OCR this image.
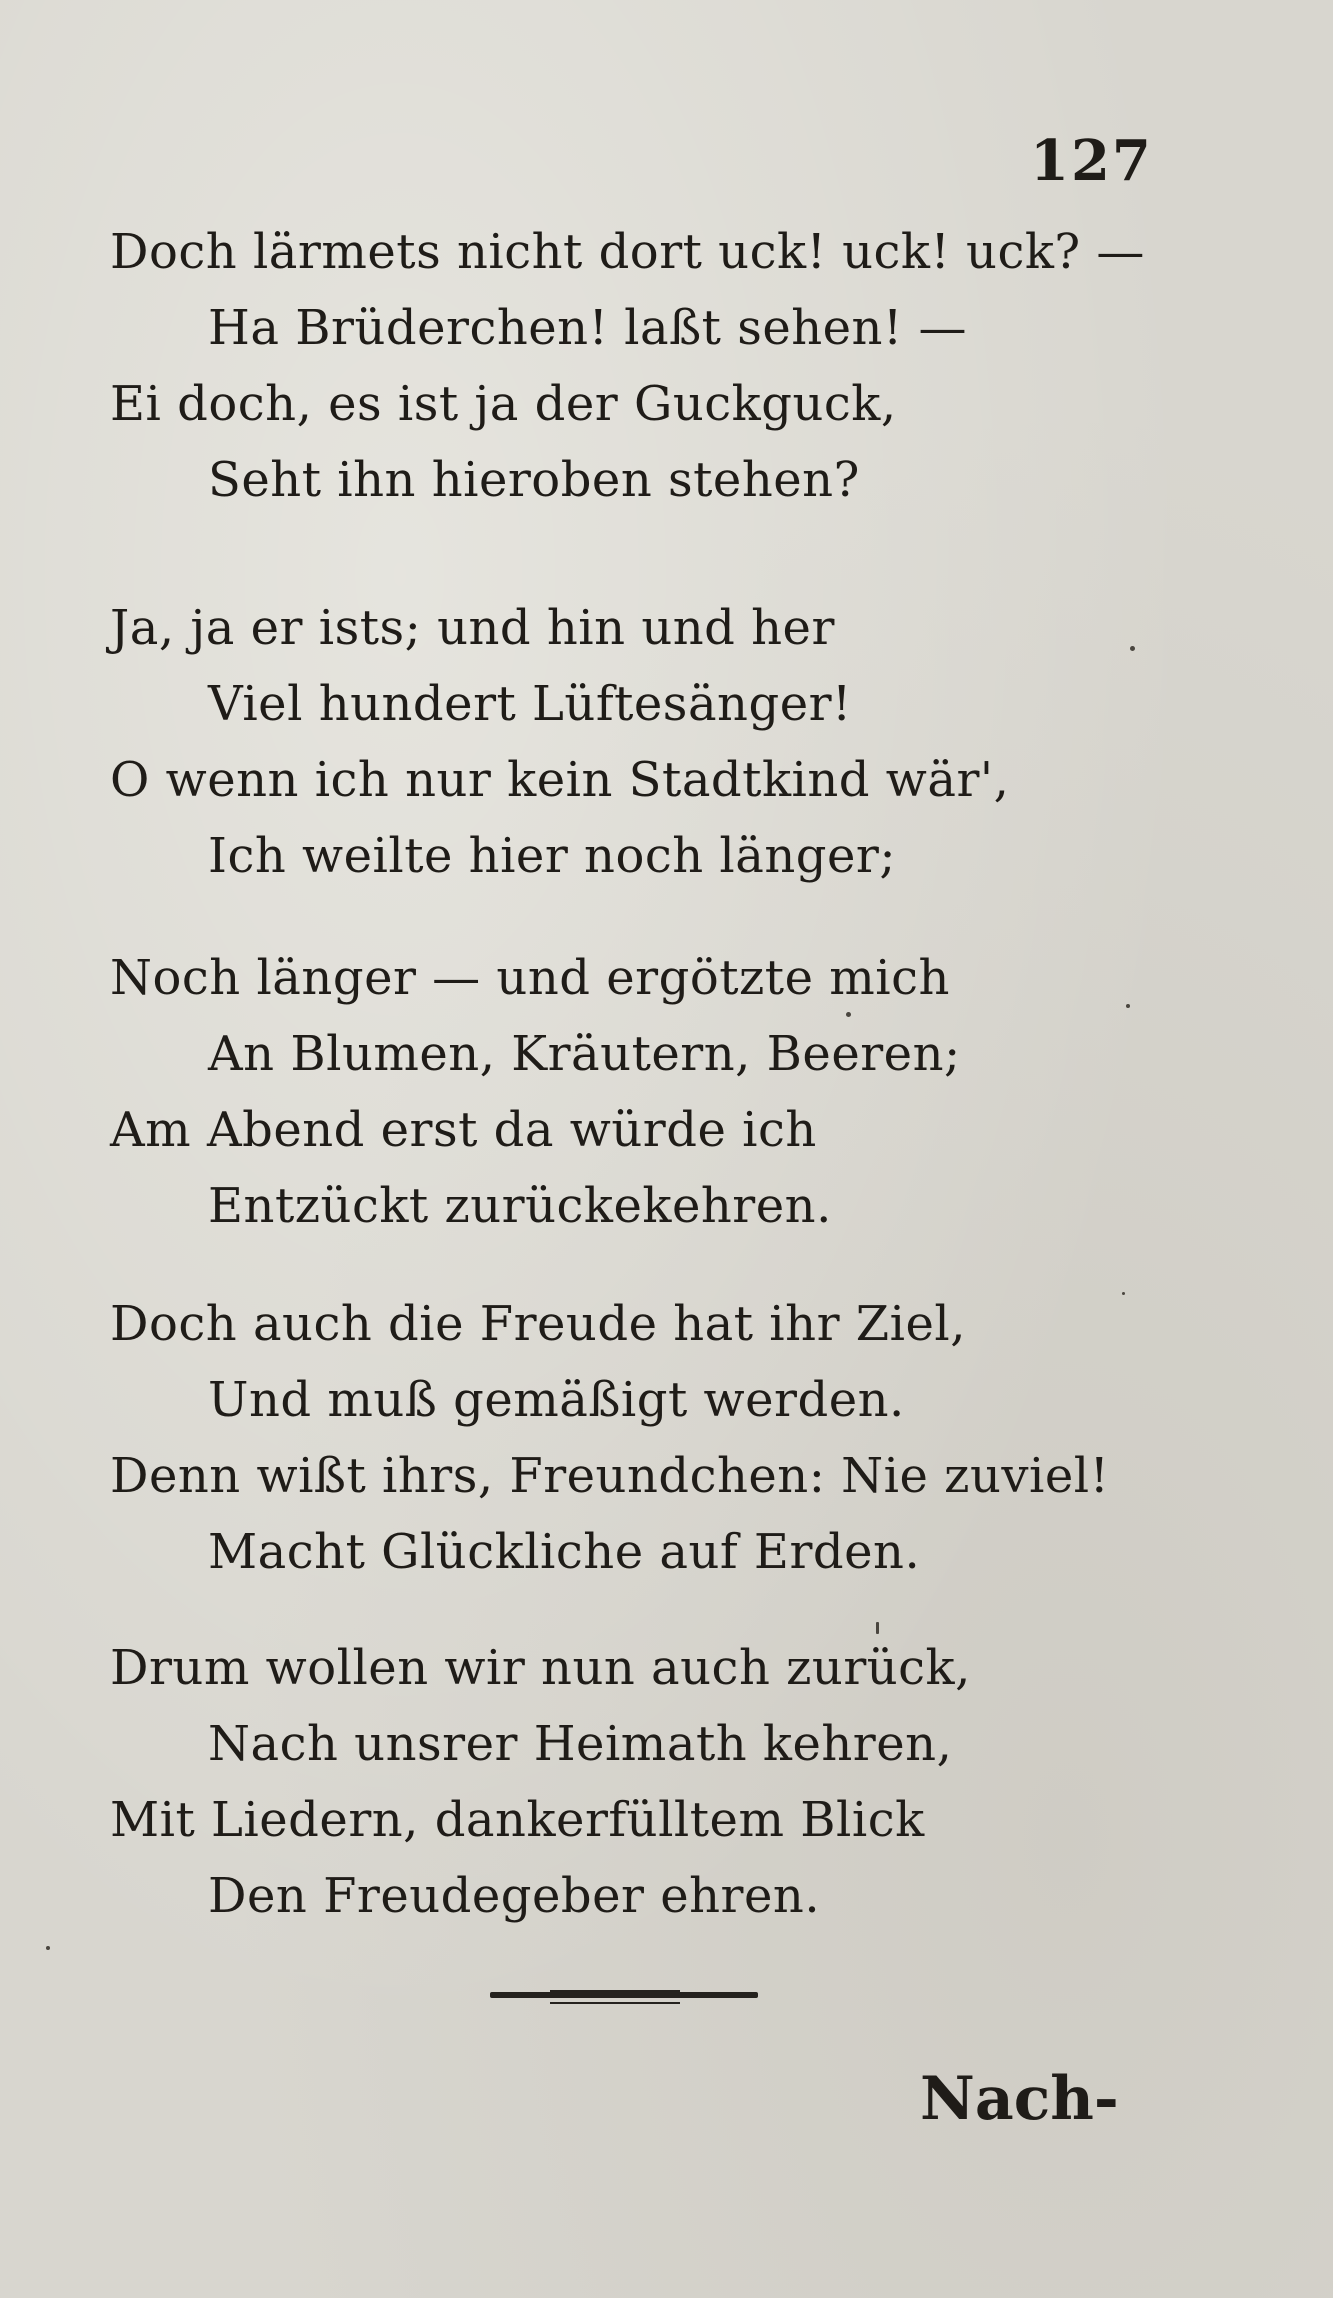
127
Doch lärmets nicht dort uck! uck! uck? —
Ha Brüderchen! laßt sehen! —
Ei doch, es ist ja der Guckguck,
Seht ihn hieroben stehen?
Ja, ja er ists; und hin und her
Viel hundert Lüftesänger!
O wenn ich nur kein Stadtkind wär',
Ich weilte hier noch länger;
Noch länger — und ergötzte mich
An Blumen, Kräutern, Beeren;
Am Abend erst da würde ich
Entzückt zurückekehren.
Doch auch die Freude hat ihr Ziel,
Und muß gemäßigt werden.
Denn wißt ihrs, Freundchen: Nie zuviel!
Macht Glückliche auf Erden.
Drum wollen wir nun auch zurück,
Nach unsrer Heimath kehren,
Mit Liedern, dankerfülltem Blick
Den Freudegeber ehren.
Nach-
